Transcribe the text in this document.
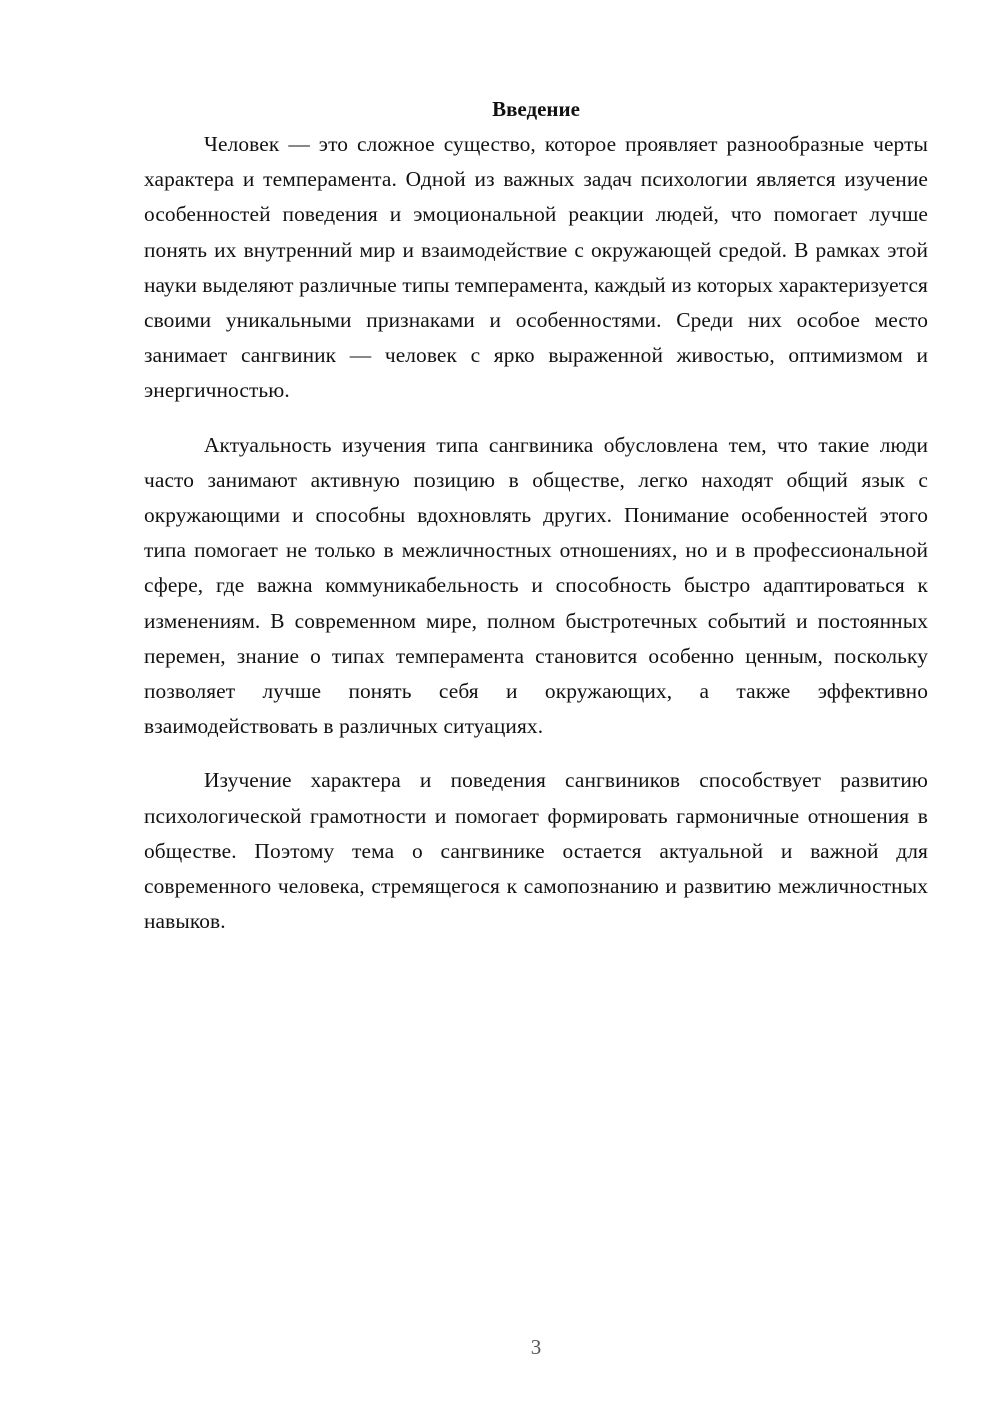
Введение

Человек — это сложное существо, которое проявляет разнообразные черты характера и темперамента. Одной из важных задач психологии является изучение особенностей поведения и эмоциональной реакции людей, что помогает лучше понять их внутренний мир и взаимодействие с окружающей средой. В рамках этой науки выделяют различные типы темперамента, каждый из которых характеризуется своими уникальными признаками и особенностями. Среди них особое место занимает сангвиник — человек с ярко выраженной живостью, оптимизмом и энергичностью.

Актуальность изучения типа сангвиника обусловлена тем, что такие люди часто занимают активную позицию в обществе, легко находят общий язык с окружающими и способны вдохновлять других. Понимание особенностей этого типа помогает не только в межличностных отношениях, но и в профессиональной сфере, где важна коммуникабельность и способность быстро адаптироваться к изменениям. В современном мире, полном быстротечных событий и постоянных перемен, знание о типах темперамента становится особенно ценным, поскольку позволяет лучше понять себя и окружающих, а также эффективно взаимодействовать в различных ситуациях.

Изучение характера и поведения сангвиников способствует развитию психологической грамотности и помогает формировать гармоничные отношения в обществе. Поэтому тема о сангвинике остается актуальной и важной для современного человека, стремящегося к самопознанию и развитию межличностных навыков.

3
